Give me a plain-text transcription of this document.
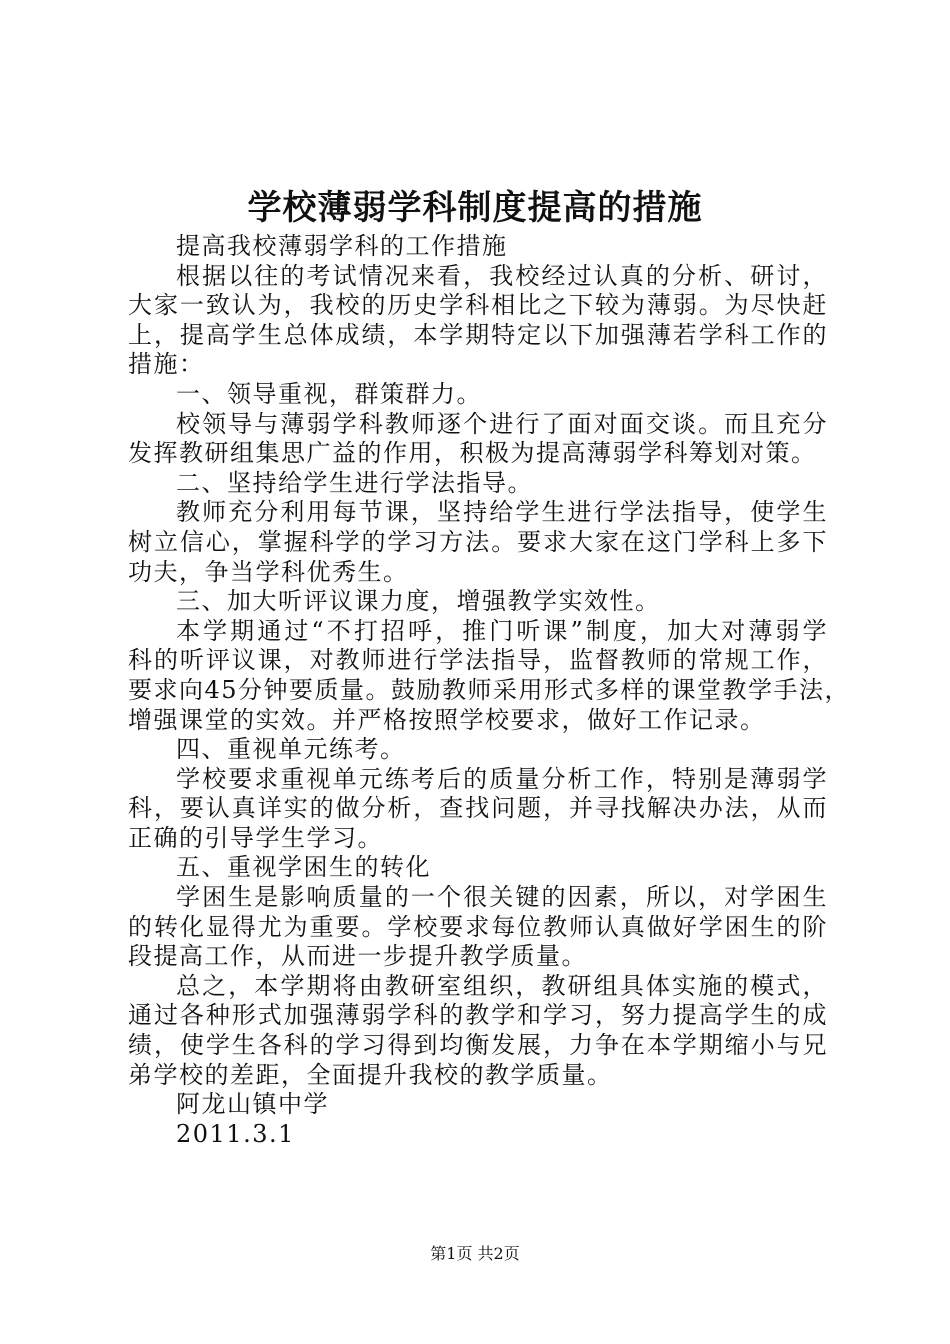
学校薄弱学科制度提高的措施
提高我校薄弱学科的工作措施
根据以往的考试情况来看，我校经过认真的分析、研讨，
大家一致认为，我校的历史学科相比之下较为薄弱。为尽快赶
上，提高学生总体成绩，本学期特定以下加强薄若学科工作的
措施：
一、领导重视，群策群力。
校领导与薄弱学科教师逐个进行了面对面交谈。而且充分
发挥教研组集思广益的作用，积极为提高薄弱学科筹划对策。
二、坚持给学生进行学法指导。
教师充分利用每节课，坚持给学生进行学法指导，使学生
树立信心，掌握科学的学习方法。要求大家在这门学科上多下
功夫，争当学科优秀生。
三、加大听评议课力度，增强教学实效性。
本学期通过“不打招呼，推门听课”制度，加大对薄弱学
科的听评议课，对教师进行学法指导，监督教师的常规工作，
要求向45分钟要质量。鼓励教师采用形式多样的课堂教学手法，
增强课堂的实效。并严格按照学校要求，做好工作记录。
四、重视单元练考。
学校要求重视单元练考后的质量分析工作，特别是薄弱学
科，要认真详实的做分析，查找问题，并寻找解决办法，从而
正确的引导学生学习。
五、重视学困生的转化
学困生是影响质量的一个很关键的因素，所以，对学困生
的转化显得尤为重要。学校要求每位教师认真做好学困生的阶
段提高工作，从而进一步提升教学质量。
总之，本学期将由教研室组织，教研组具体实施的模式，
通过各种形式加强薄弱学科的教学和学习，努力提高学生的成
绩，使学生各科的学习得到均衡发展，力争在本学期缩小与兄
弟学校的差距，全面提升我校的教学质量。
阿龙山镇中学
2011.3.1
第1页 共2页
